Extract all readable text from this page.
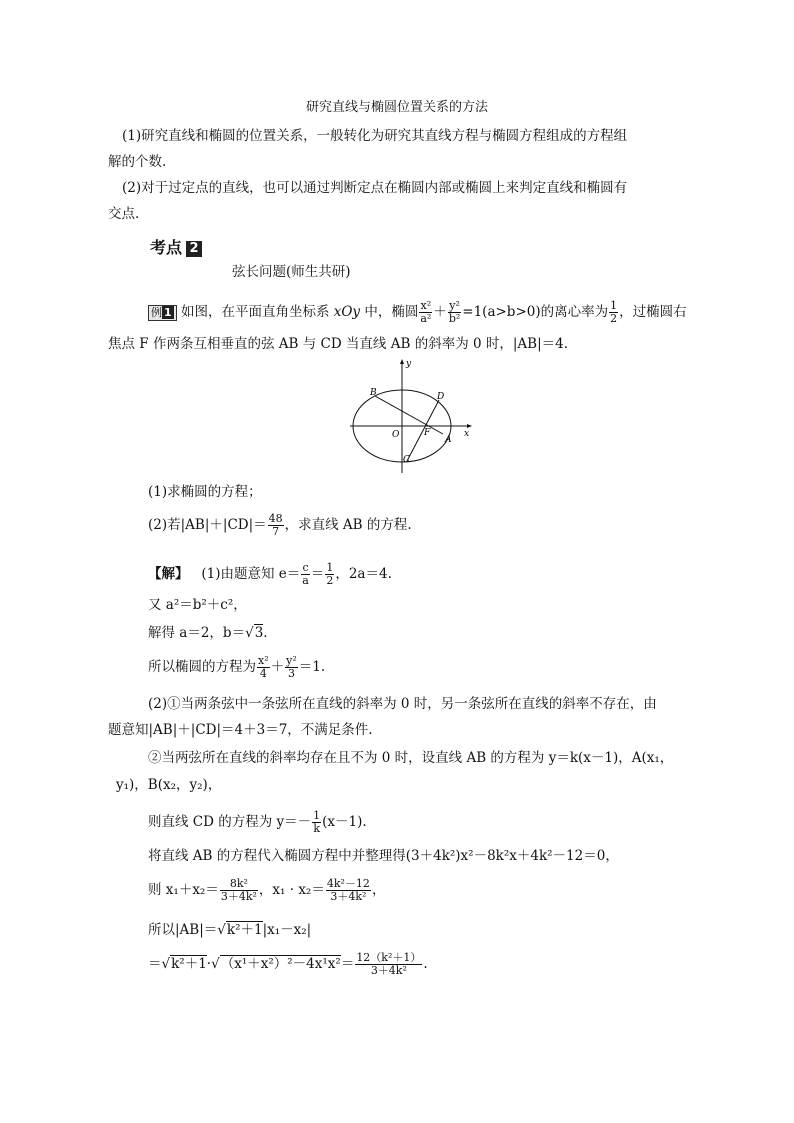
研究直线与椭圆位置关系的方法
(1)研究直线和椭圆的位置关系，一般转化为研究其直线方程与椭圆方程组成的方程组
解的个数.
(2)对于过定点的直线，也可以通过判断定点在椭圆内部或椭圆上来判定直线和椭圆有
交点.
考点 2
弦长问题(师生共研)
例 1 如图，在平面直角坐标系 xOy 中，椭圆 $\frac{\text{x²}}{\text{a²}} + \frac{\text{y²}}{\text{b²}} =1(a>b>0)$的离心率为 $\frac{1}{2}$ ，过椭圆右
焦点 F 作两条互相垂直的弦 AB 与 CD 当直线 AB 的斜率为 0 时，|AB|＝4.
y
x
B	D
O	F
A
C
(1)求椭圆的方程；
(2)若$|AB|+|CD|= \frac{48}{7}$ ，求直线 AB 的方程.
【解】 (1)由题意知 $e= \frac{c}{a} = \frac{1}{2}$ ，2a＝4.
又 a²＝b²＋c²，
解得 a＝2，b＝√3.
所以椭圆的方程为 $\frac{\text{x²}}{4} + \frac{\text{y²}}{3} =1$.
(2)①当两条弦中一条弦所在直线的斜率为 0 时，另一条弦所在直线的斜率不存在，由
题意知|AB|＋|CD|＝4＋3＝7，不满足条件.
②当两弦所在直线的斜率均存在且不为 0 时，设直线 AB 的方程为 y＝k(x－1)，A(x₁，
y₁)，B(x₂，y₂)，
则直线 CD 的方程为 $y=- \frac{1}{k} (x-1)$.
将直线 AB 的方程代入椭圆方程中并整理得(3＋4k²)x²－8k²x＋4k²－12＝0，
则 $x_1+x_2= \frac{\text{8k²}}{\text{3＋4k²}}$ ，$x_1 \cdot x_2= \frac{\text{4k²－12}}{\text{3＋4k²}}$ ，
所以|AB|＝√k²＋1|x₁－x₂|
$=√k^2+1\cdot√(x^1+x^2)^2-4x^1x^2= \frac{\text{12（k²＋1）}}{\text{3＋4k²}}$ .
